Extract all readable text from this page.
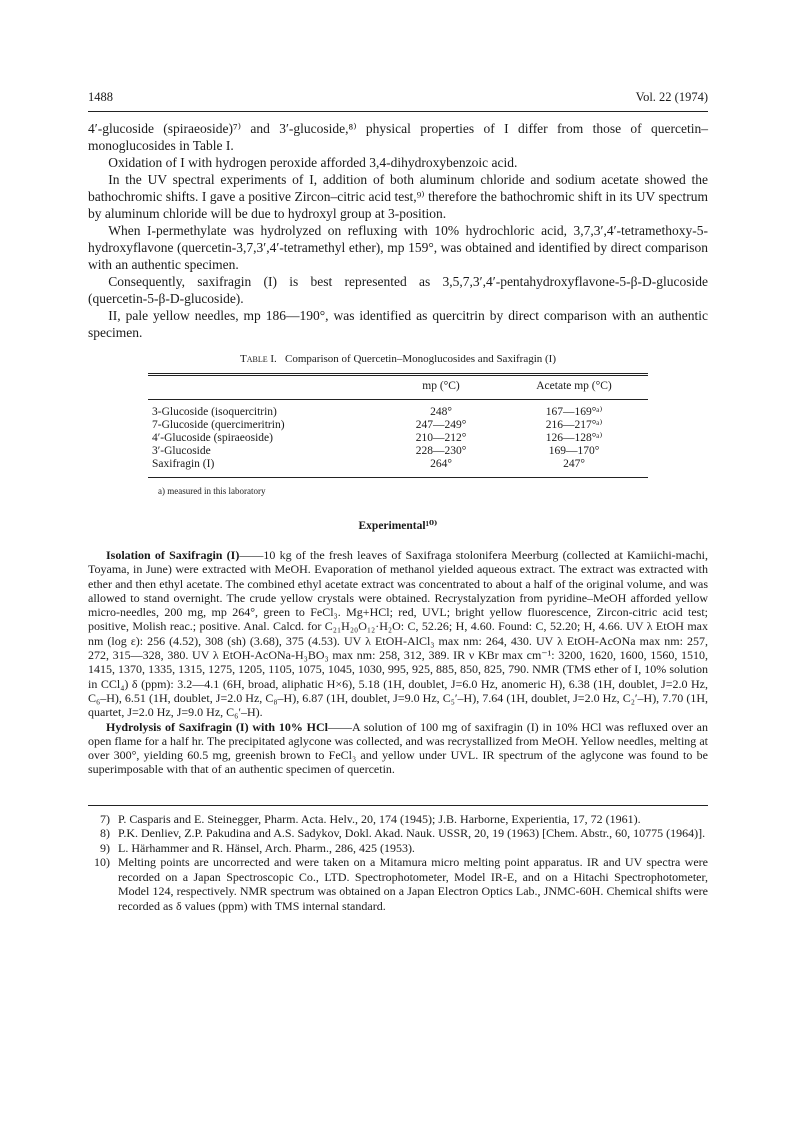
1488	Vol. 22 (1974)

4′-glucoside (spiraeoside)⁷⁾ and 3′-glucoside,⁸⁾ physical properties of I differ from those of quercetin–monoglucosides in Table I.

Oxidation of I with hydrogen peroxide afforded 3,4-dihydroxybenzoic acid.

In the UV spectral experiments of I, addition of both aluminum chloride and sodium acetate showed the bathochromic shifts. I gave a positive Zircon–citric acid test,⁹⁾ therefore the bathochromic shift in its UV spectrum by aluminum chloride will be due to hydroxyl group at 3-position.

When I-permethylate was hydrolyzed on refluxing with 10% hydrochloric acid, 3,7,3′,4′-tetramethoxy-5-hydroxyflavone (quercetin-3,7,3′,4′-tetramethyl ether), mp 159°, was obtained and identified by direct comparison with an authentic specimen.

Consequently, saxifragin (I) is best represented as 3,5,7,3′,4′-pentahydroxyflavone-5-β-D-glucoside (quercetin-5-β-D-glucoside).

II, pale yellow needles, mp 186—190°, was identified as quercitrin by direct comparison with an authentic specimen.

Table I. Comparison of Quercetin–Monoglucosides and Saxifragin (I)

	mp (°C)	Acetate mp (°C)

3-Glucoside (isoquercitrin)	248°	167—169°ᵃ⁾
7-Glucoside (quercimeritrin)	247—249°	216—217°ᵃ⁾
4′-Glucoside (spiraeoside)	210—212°	126—128°ᵃ⁾
3′-Glucoside	228—230°	169—170°
Saxifragin (I)	264°	247°

a) measured in this laboratory
Experimental¹⁰⁾

Isolation of Saxifragin (I)——10 kg of the fresh leaves of Saxifraga stolonifera Meerburg (collected at Kamiichi-machi, Toyama, in June) were extracted with MeOH. Evaporation of methanol yielded aqueous extract. The extract was extracted with ether and then ethyl acetate. The combined ethyl acetate extract was concentrated to about a half of the original volume, and was allowed to stand overnight. The crude yellow crystals were obtained. Recrystalyzation from pyridine–MeOH afforded yellow micro-needles, 200 mg, mp 264°, green to FeCl₃. Mg+HCl; red, UVL; bright yellow fluorescence, Zircon-citric acid test; positive, Molish reac.; positive. Anal. Calcd. for C₂₁H₂₀O₁₂·H₂O: C, 52.26; H, 4.60. Found: C, 52.20; H, 4.66. UV λ EtOH max nm (log ε): 256 (4.52), 308 (sh) (3.68), 375 (4.53). UV λ EtOH-AlCl₃ max nm: 264, 430. UV λ EtOH-AcONa max nm: 257, 272, 315—328, 380. UV λ EtOH-AcONa-H₃BO₃ max nm: 258, 312, 389. IR ν KBr max cm⁻¹: 3200, 1620, 1600, 1560, 1510, 1415, 1370, 1335, 1315, 1275, 1205, 1105, 1075, 1045, 1030, 995, 925, 885, 850, 825, 790. NMR (TMS ether of I, 10% solution in CCl₄) δ (ppm): 3.2—4.1 (6H, broad, aliphatic H×6), 5.18 (1H, doublet, J=6.0 Hz, anomeric H), 6.38 (1H, doublet, J=2.0 Hz, C₆–H), 6.51 (1H, doublet, J=2.0 Hz, C₈–H), 6.87 (1H, doublet, J=9.0 Hz, C₅′–H), 7.64 (1H, doublet, J=2.0 Hz, C₂′–H), 7.70 (1H, quartet, J=2.0 Hz, J=9.0 Hz, C₆′–H).

Hydrolysis of Saxifragin (I) with 10% HCl——A solution of 100 mg of saxifragin (I) in 10% HCl was refluxed over an open flame for a half hr. The precipitated aglycone was collected, and was recrystallized from MeOH. Yellow needles, melting at over 300°, yielding 60.5 mg, greenish brown to FeCl₃ and yellow under UVL. IR spectrum of the aglycone was found to be superimposable with that of an authentic specimen of quercetin.

7) P. Casparis and E. Steinegger, Pharm. Acta. Helv., 20, 174 (1945); J.B. Harborne, Experientia, 17, 72 (1961).
8) P.K. Denliev, Z.P. Pakudina and A.S. Sadykov, Dokl. Akad. Nauk. USSR, 20, 19 (1963) [Chem. Abstr., 60, 10775 (1964)].
9) L. Härhammer and R. Hänsel, Arch. Pharm., 286, 425 (1953).
10) Melting points are uncorrected and were taken on a Mitamura micro melting point apparatus. IR and UV spectra were recorded on a Japan Spectroscopic Co., LTD. Spectrophotometer, Model IR-E, and on a Hitachi Spectrophotometer, Model 124, respectively. NMR spectrum was obtained on a Japan Electron Optics Lab., JNMC-60H. Chemical shifts were recorded as δ values (ppm) with TMS internal standard.
